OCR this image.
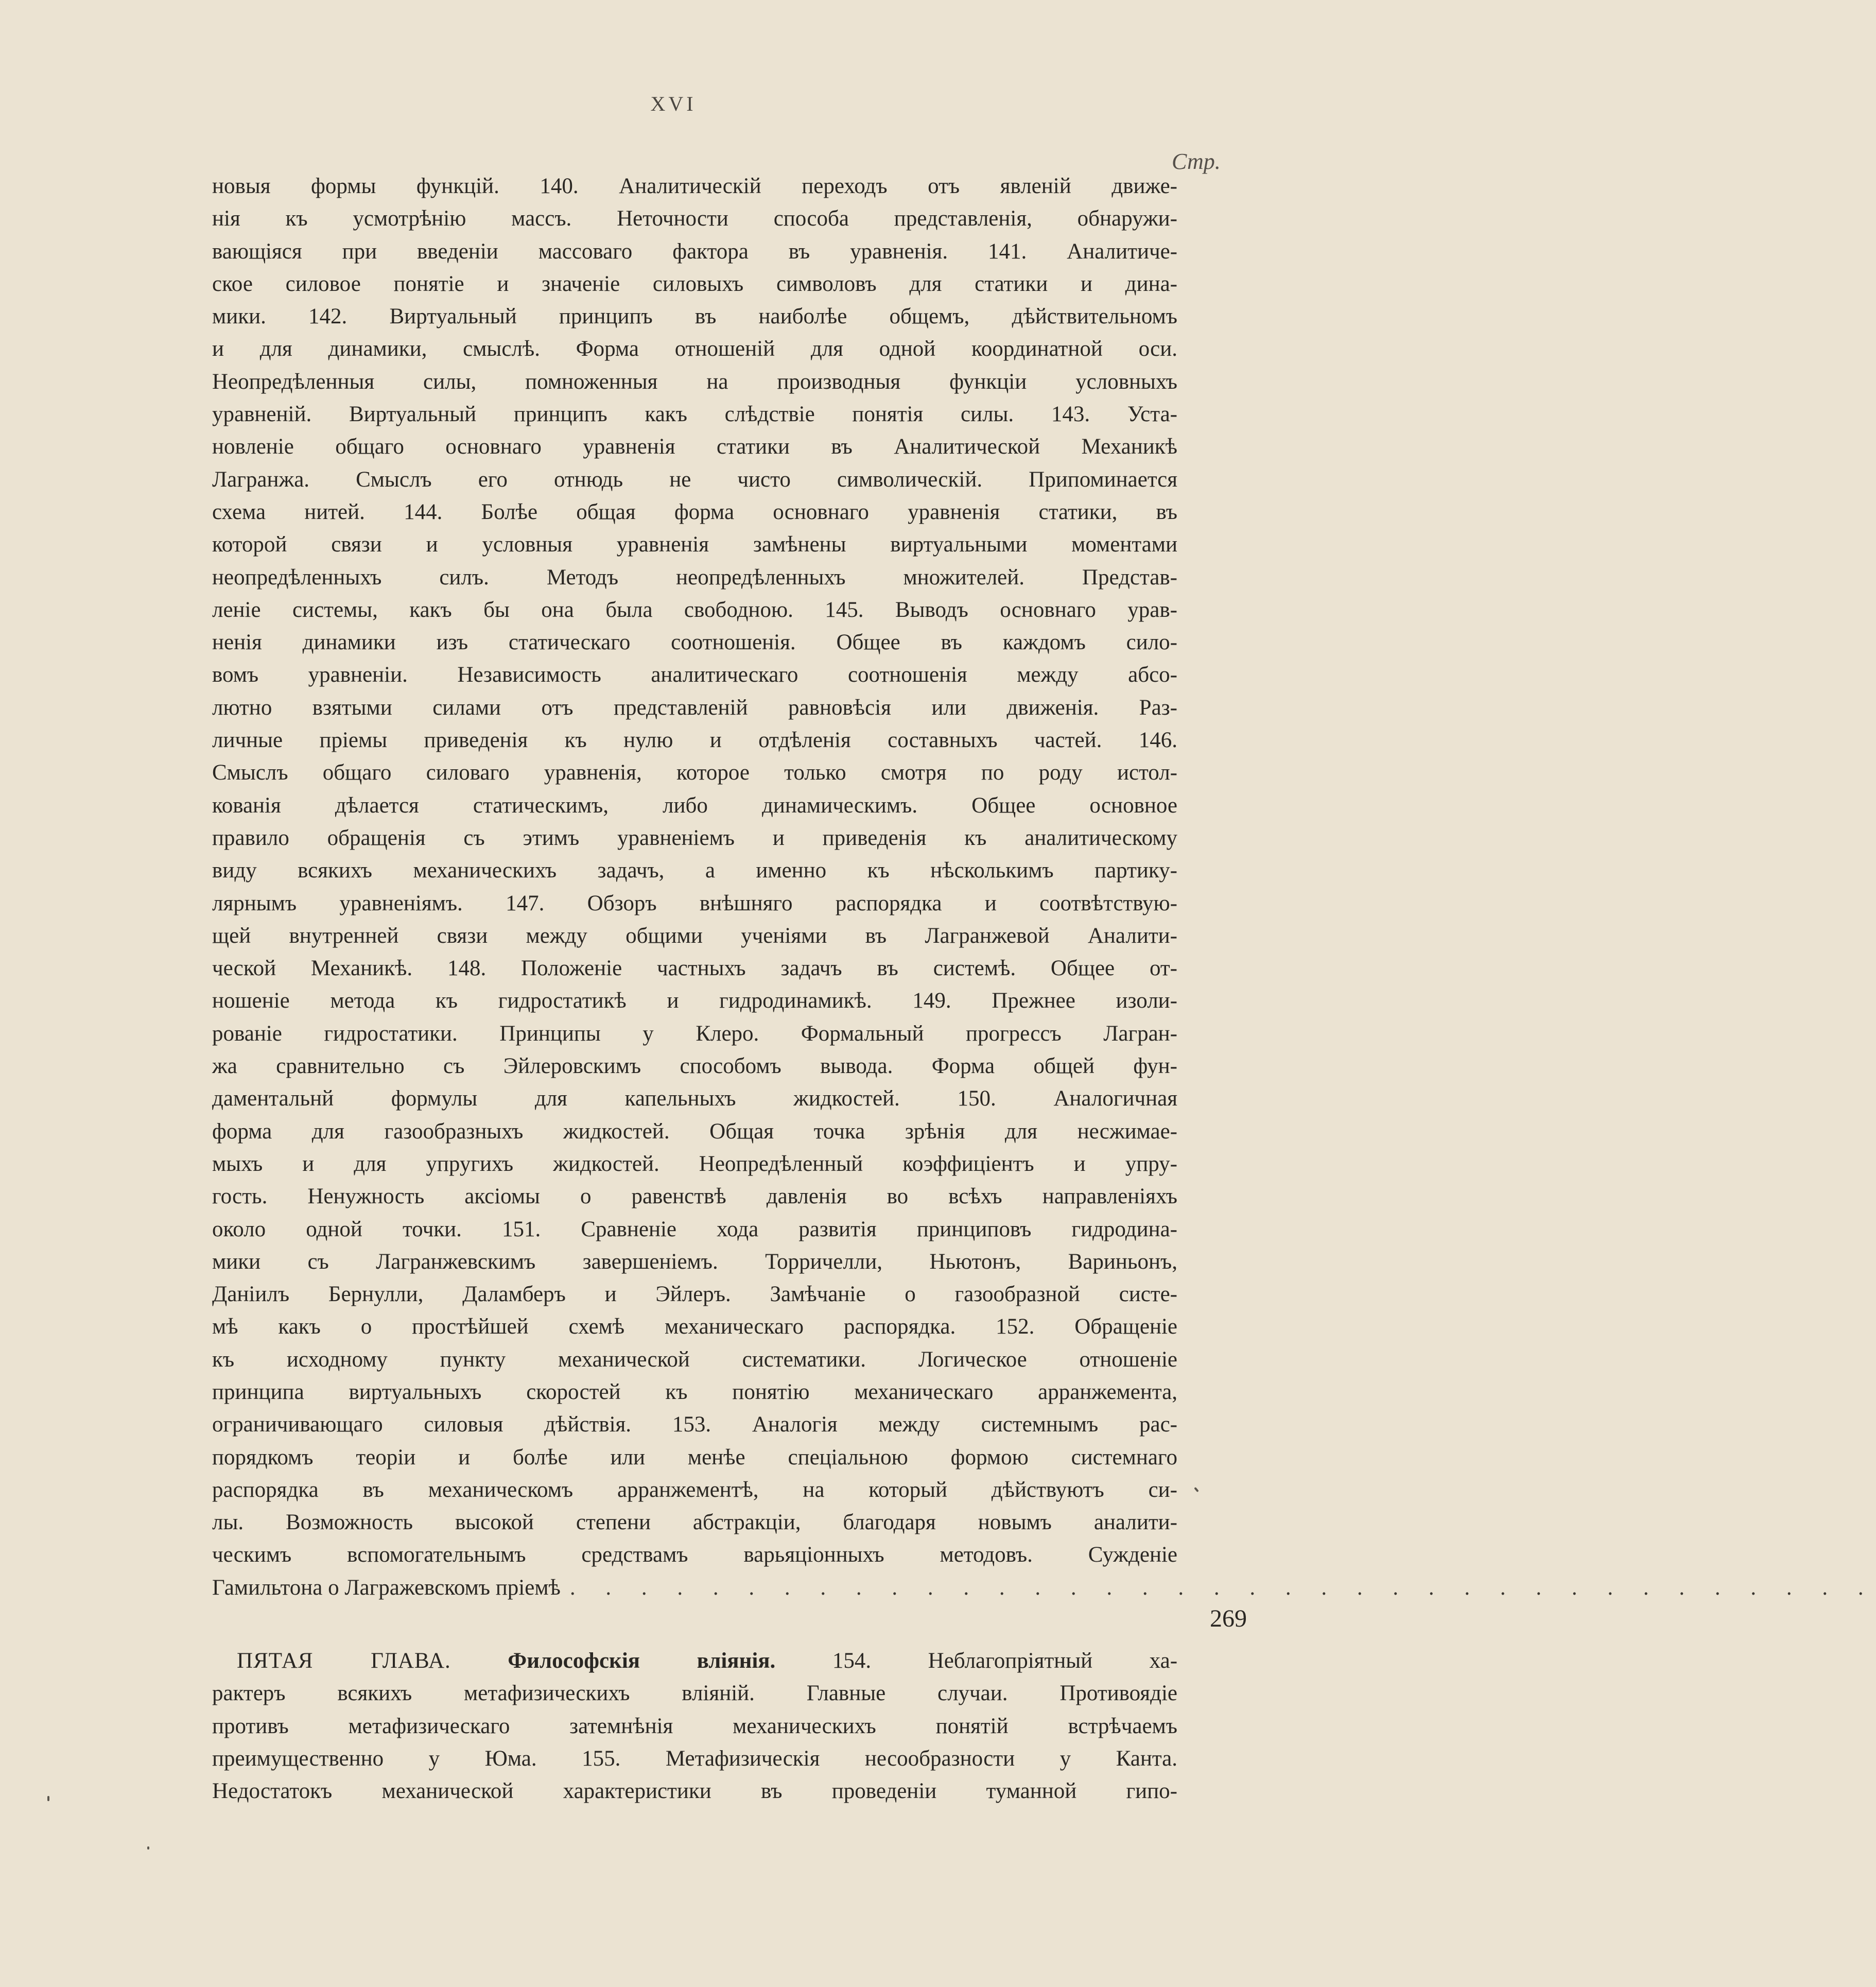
XVI
Стр.
новыя формы функцій. 140. Аналитическій переходъ отъ явленій движе-
нія къ усмотрѣнію массъ. Неточности способа представленія, обнаружи-
вающіяся при введеніи массоваго фактора въ уравненія. 141. Аналитиче-
ское силовое понятіе и значеніе силовыхъ символовъ для статики и дина-
мики. 142. Виртуальный принципъ въ наиболѣе общемъ, дѣйствительномъ
и для динамики, смыслѣ. Форма отношеній для одной координатной оси.
Неопредѣленныя силы, помноженныя на производныя функціи условныхъ
уравненій. Виртуальный принципъ какъ слѣдствіе понятія силы. 143. Уста-
новленіе общаго основнаго уравненія статики въ Аналитической Механикѣ
Лагранжа. Смыслъ его отнюдь не чисто символическій. Припоминается
схема нитей. 144. Болѣе общая форма основнаго уравненія статики, въ
которой связи и условныя уравненія замѣнены виртуальными моментами
неопредѣленныхъ силъ. Методъ неопредѣленныхъ множителей. Представ-
леніе системы, какъ бы она была свободною. 145. Выводъ основнаго урав-
ненія динамики изъ статическаго соотношенія. Общее въ каждомъ сило-
вомъ уравненіи. Независимость аналитическаго соотношенія между абсо-
лютно взятыми силами отъ представленій равновѣсія или движенія. Раз-
личные пріемы приведенія къ нулю и отдѣленія составныхъ частей. 146.
Смыслъ общаго силоваго уравненія, которое только смотря по роду истол-
кованія дѣлается статическимъ, либо динамическимъ. Общее основное
правило обращенія съ этимъ уравненіемъ и приведенія къ аналитическому
виду всякихъ механическихъ задачъ, а именно къ нѣсколькимъ партику-
лярнымъ уравненіямъ. 147. Обзоръ внѣшняго распорядка и соотвѣтствую-
щей внутренней связи между общими ученіями въ Лагранжевой Аналити-
ческой Механикѣ. 148. Положеніе частныхъ задачъ въ системѣ. Общее от-
ношеніе метода къ гидростатикѣ и гидродинамикѣ. 149. Прежнее изоли-
рованіе гидростатики. Принципы у Клеро. Формальный прогрессъ Лагран-
жа сравнительно съ Эйлеровскимъ способомъ вывода. Форма общей фун-
даментальнй формулы для капельныхъ жидкостей. 150. Аналогичная
форма для газообразныхъ жидкостей. Общая точка зрѣнія для несжимае-
мыхъ и для упругихъ жидкостей. Неопредѣленный коэффиціентъ и упру-
гость. Ненужность аксіомы о равенствѣ давленія во всѣхъ направленіяхъ
около одной точки. 151. Сравненіе хода развитія принциповъ гидродина-
мики съ Лагранжевскимъ завершеніемъ. Торричелли, Ньютонъ, Вариньонъ,
Даніилъ Бернулли, Даламберъ и Эйлеръ. Замѣчаніе о газообразной систе-
мѣ какъ о простѣйшей схемѣ механическаго распорядка. 152. Обращеніе
къ исходному пункту механической систематики. Логическое отношеніе
принципа виртуальныхъ скоростей къ понятію механическаго арранжемента,
ограничивающаго силовыя дѣйствія. 153. Аналогія между системнымъ рас-
порядкомъ теоріи и болѣе или менѣе спеціальною формою системнаго
распорядка въ механическомъ арранжементѣ, на который дѣйствуютъ си-
лы. Возможность высокой степени абстракціи, благодаря новымъ аналити-
ческимъ вспомогательнымъ средствамъ варьяціонныхъ методовъ. Сужденіе
Гамильтона о Лагражевскомъ пріемѣ . . . . . . . . . . . . . . . . . . . . . . . . . . . . . . . . . . . . .
269
ПЯТАЯ ГЛАВА.	Философскія вліянія.	154. Неблагопріятный ха-
рактеръ всякихъ метафизическихъ вліяній. Главные случаи. Противоядіе
противъ метафизическаго затемнѣнія механическихъ понятій встрѣчаемъ
преимущественно у Юма. 155. Метафизическія несообразности у Канта.
Недостатокъ механической характеристики въ проведеніи туманной гипо-
